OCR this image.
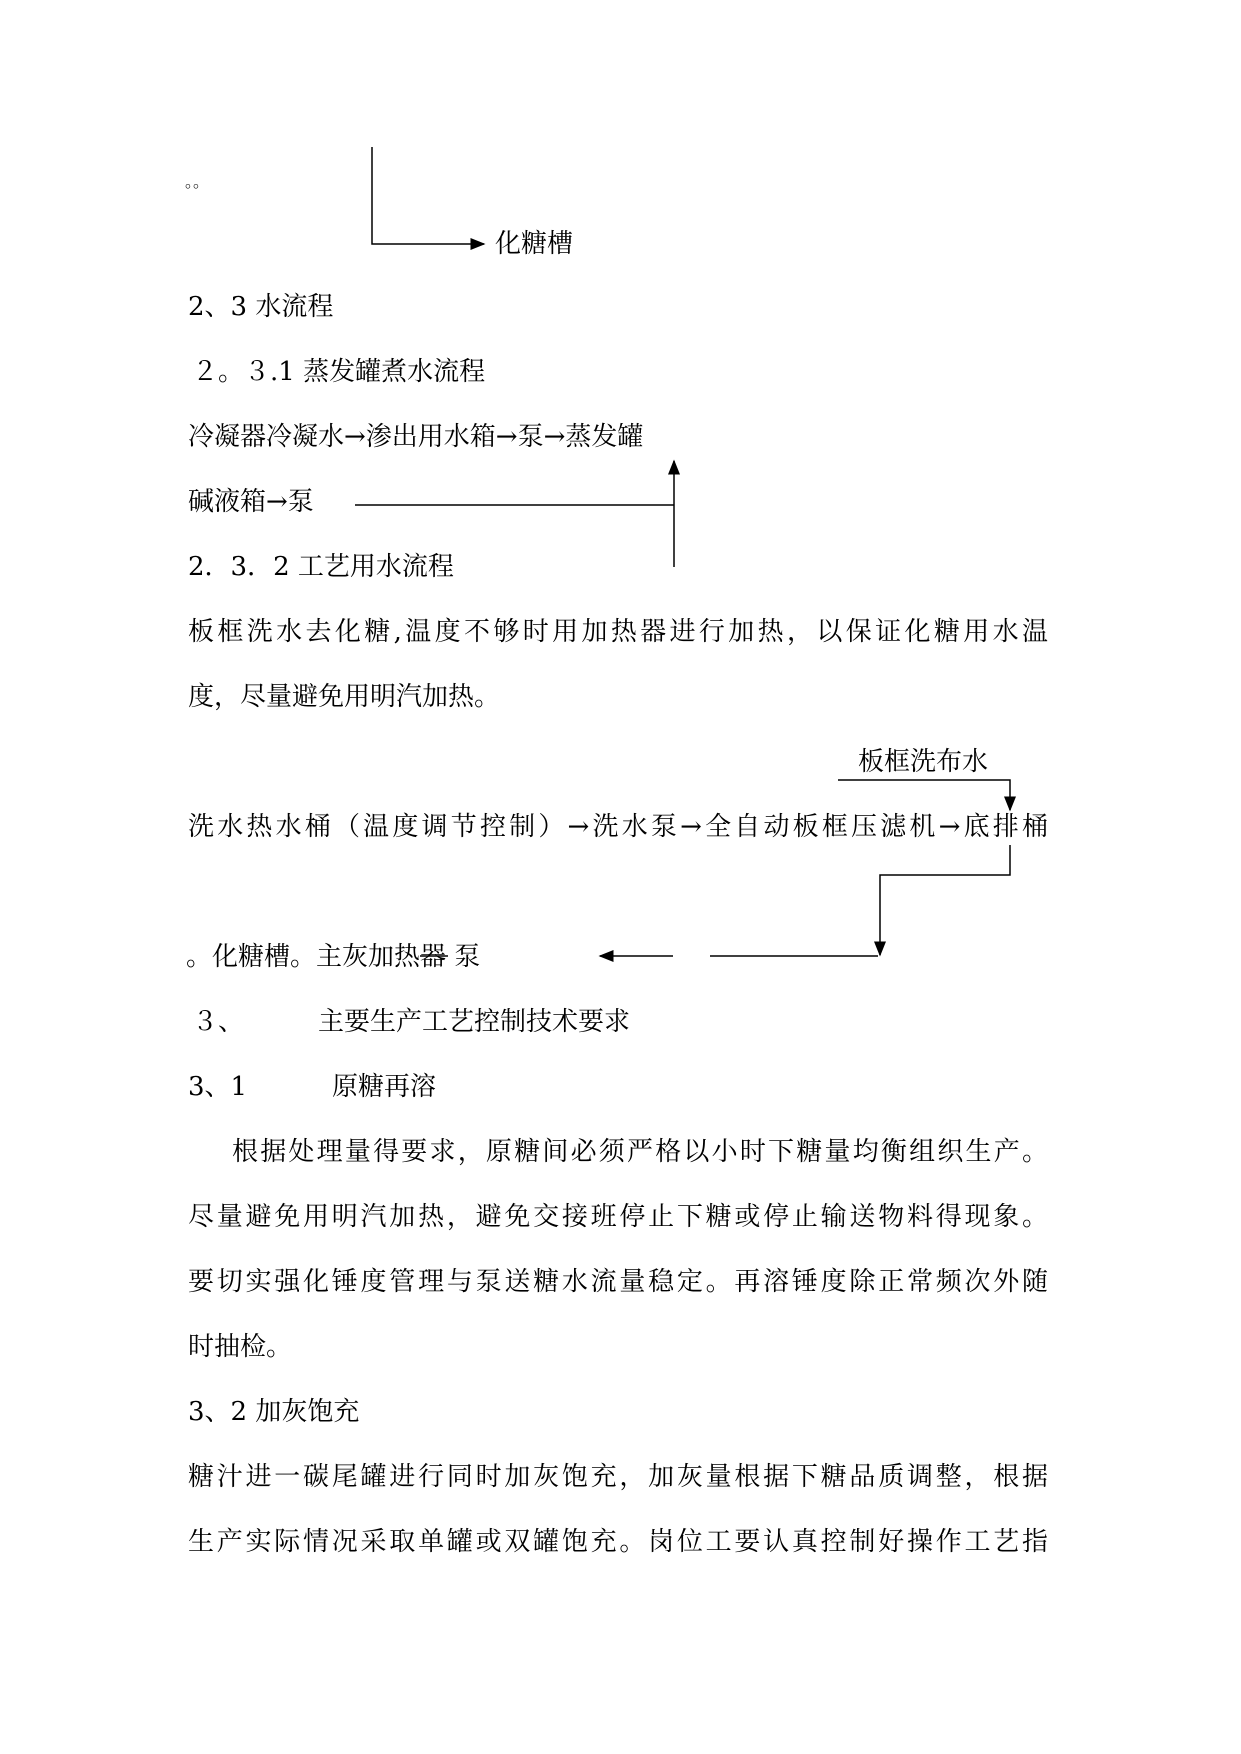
。。
化糖槽
2、3 水流程
２。３.1 蒸发罐煮水流程
冷凝器冷凝水→渗出用水箱→泵→蒸发罐
碱液箱→泵
2．3．2 工艺用水流程
板框洗水去化糖,温度不够时用加热器进行加热，以保证化糖用水温
度，尽量避免用明汽加热。
板框洗布水
洗水热水桶（温度调节控制）→洗水泵→全自动板框压滤机→底排桶
。化糖槽。主灰加热器 泵
３、	主要生产工艺控制技术要求
3、1	原糖再溶
根据处理量得要求，原糖间必须严格以小时下糖量均衡组织生产。
尽量避免用明汽加热，避免交接班停止下糖或停止输送物料得现象。
要切实强化锤度管理与泵送糖水流量稳定。再溶锤度除正常频次外随
时抽检。
3、2 加灰饱充
糖汁进一碳尾罐进行同时加灰饱充，加灰量根据下糖品质调整，根据
生产实际情况采取单罐或双罐饱充。岗位工要认真控制好操作工艺指
